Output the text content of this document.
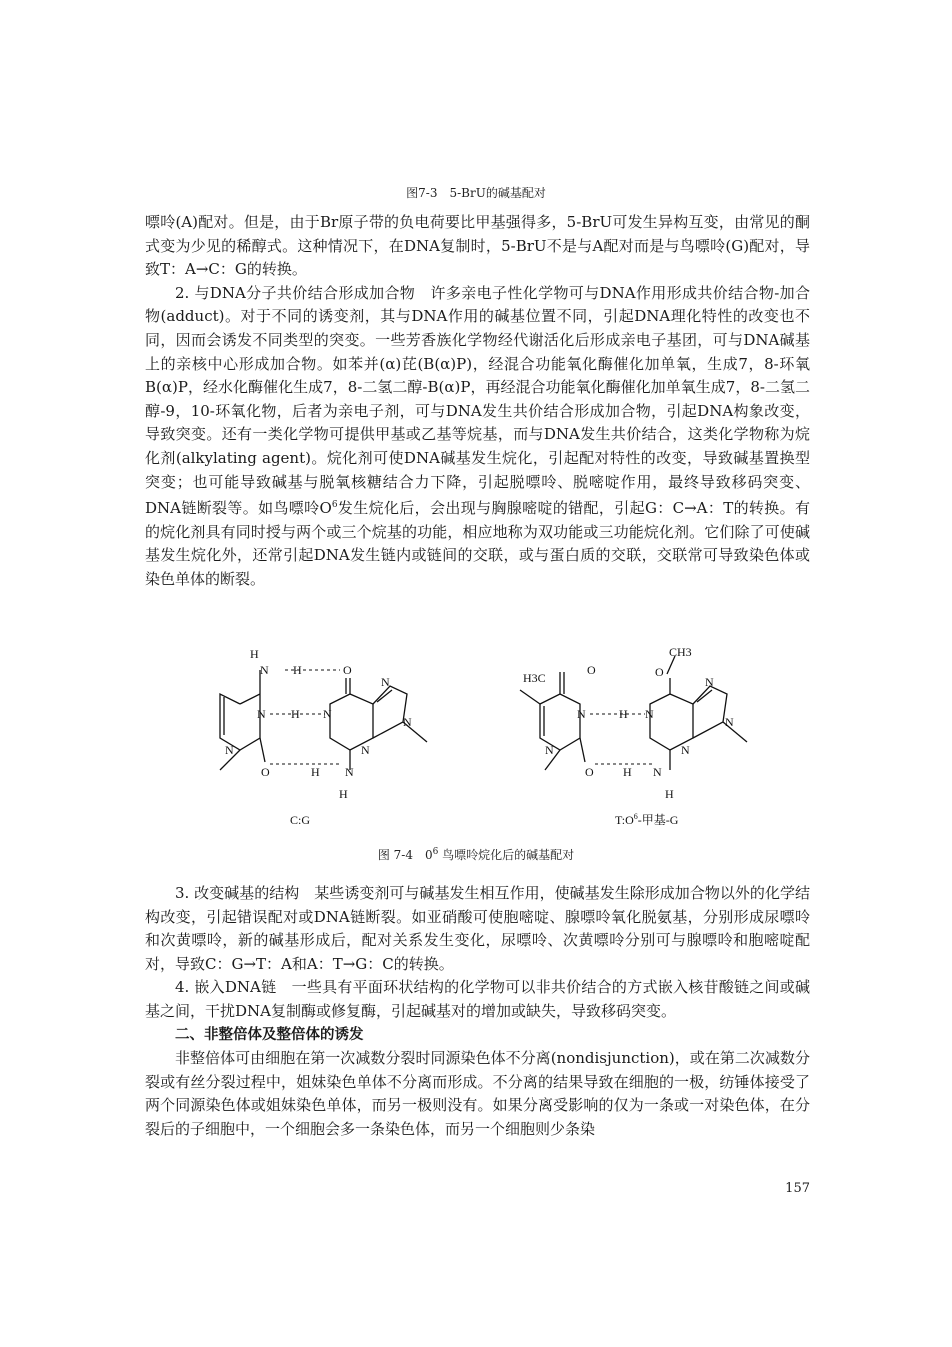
图7-3　5-BrU的碱基配对

嘌呤(A)配对。但是，由于Br原子带的负电荷要比甲基强得多，5-BrU可发生异构互变，由常见的酮式变为少见的稀醇式。这种情况下，在DNA复制时，5-BrU不是与A配对而是与鸟嘌呤(G)配对，导致T：A→C：G的转换。

2. 与DNA分子共价结合形成加合物　许多亲电子性化学物可与DNA作用形成共价结合物-加合物(adduct)。对于不同的诱变剂，其与DNA作用的碱基位置不同，引起DNA理化特性的改变也不同，因而会诱发不同类型的突变。一些芳香族化学物经代谢活化后形成亲电子基团，可与DNA碱基上的亲核中心形成加合物。如苯并(α)芘(B(α)P)，经混合功能氧化酶催化加单氧，生成7，8-环氧B(α)P，经水化酶催化生成7，8-二氢二醇-B(α)P，再经混合功能氧化酶催化加单氧生成7，8-二氢二醇-9，10-环氧化物，后者为亲电子剂，可与DNA发生共价结合形成加合物，引起DNA构象改变，导致突变。还有一类化学物可提供甲基或乙基等烷基，而与DNA发生共价结合，这类化学物称为烷化剂(alkylating agent)。烷化剂可使DNA碱基发生烷化，引起配对特性的改变，导致碱基置换型突变；也可能导致碱基与脱氧核糖结合力下降，引起脱嘌呤、脱嘧啶作用，最终导致移码突变、DNA链断裂等。如鸟嘌呤$O^6$发生烷化后，会出现与胸腺嘧啶的错配，引起G：C→A：T的转换。有的烷化剂具有同时授与两个或三个烷基的功能，相应地称为双功能或三功能烷化剂。它们除了可使碱基发生烷化外，还常引起DNA发生链内或链间的交联，或与蛋白质的交联，交联常可导致染色体或染色单体的断裂。

H
N H	O
N H N
N
N
N
N
O	H N
H
H3C
O
CH3
O
N	H N
N
N
N
N
O H N
H
C:G	$T:O^6-$甲基-G
图 7-4　$0^6$ 鸟嘌呤烷化后的碱基配对

3. 改变碱基的结构　某些诱变剂可与碱基发生相互作用，使碱基发生除形成加合物以外的化学结构改变，引起错误配对或DNA链断裂。如亚硝酸可使胞嘧啶、腺嘌呤氧化脱氨基，分别形成尿嘌呤和次黄嘌呤，新的碱基形成后，配对关系发生变化，尿嘌呤、次黄嘌呤分别可与腺嘌呤和胞嘧啶配对，导致C：G→T：A和A：T→G：C的转换。

4. 嵌入DNA链　一些具有平面环状结构的化学物可以非共价结合的方式嵌入核苷酸链之间或碱基之间，干扰DNA复制酶或修复酶，引起碱基对的增加或缺失，导致移码突变。

二、非整倍体及整倍体的诱发

非整倍体可由细胞在第一次减数分裂时同源染色体不分离(nondisjunction)，或在第二次减数分裂或有丝分裂过程中，姐妹染色单体不分离而形成。不分离的结果导致在细胞的一极，纺锤体接受了两个同源染色体或姐妹染色单体，而另一极则没有。如果分离受影响的仅为一条或一对染色体，在分裂后的子细胞中，一个细胞会多一条染色体，而另一个细胞则少条染

157
